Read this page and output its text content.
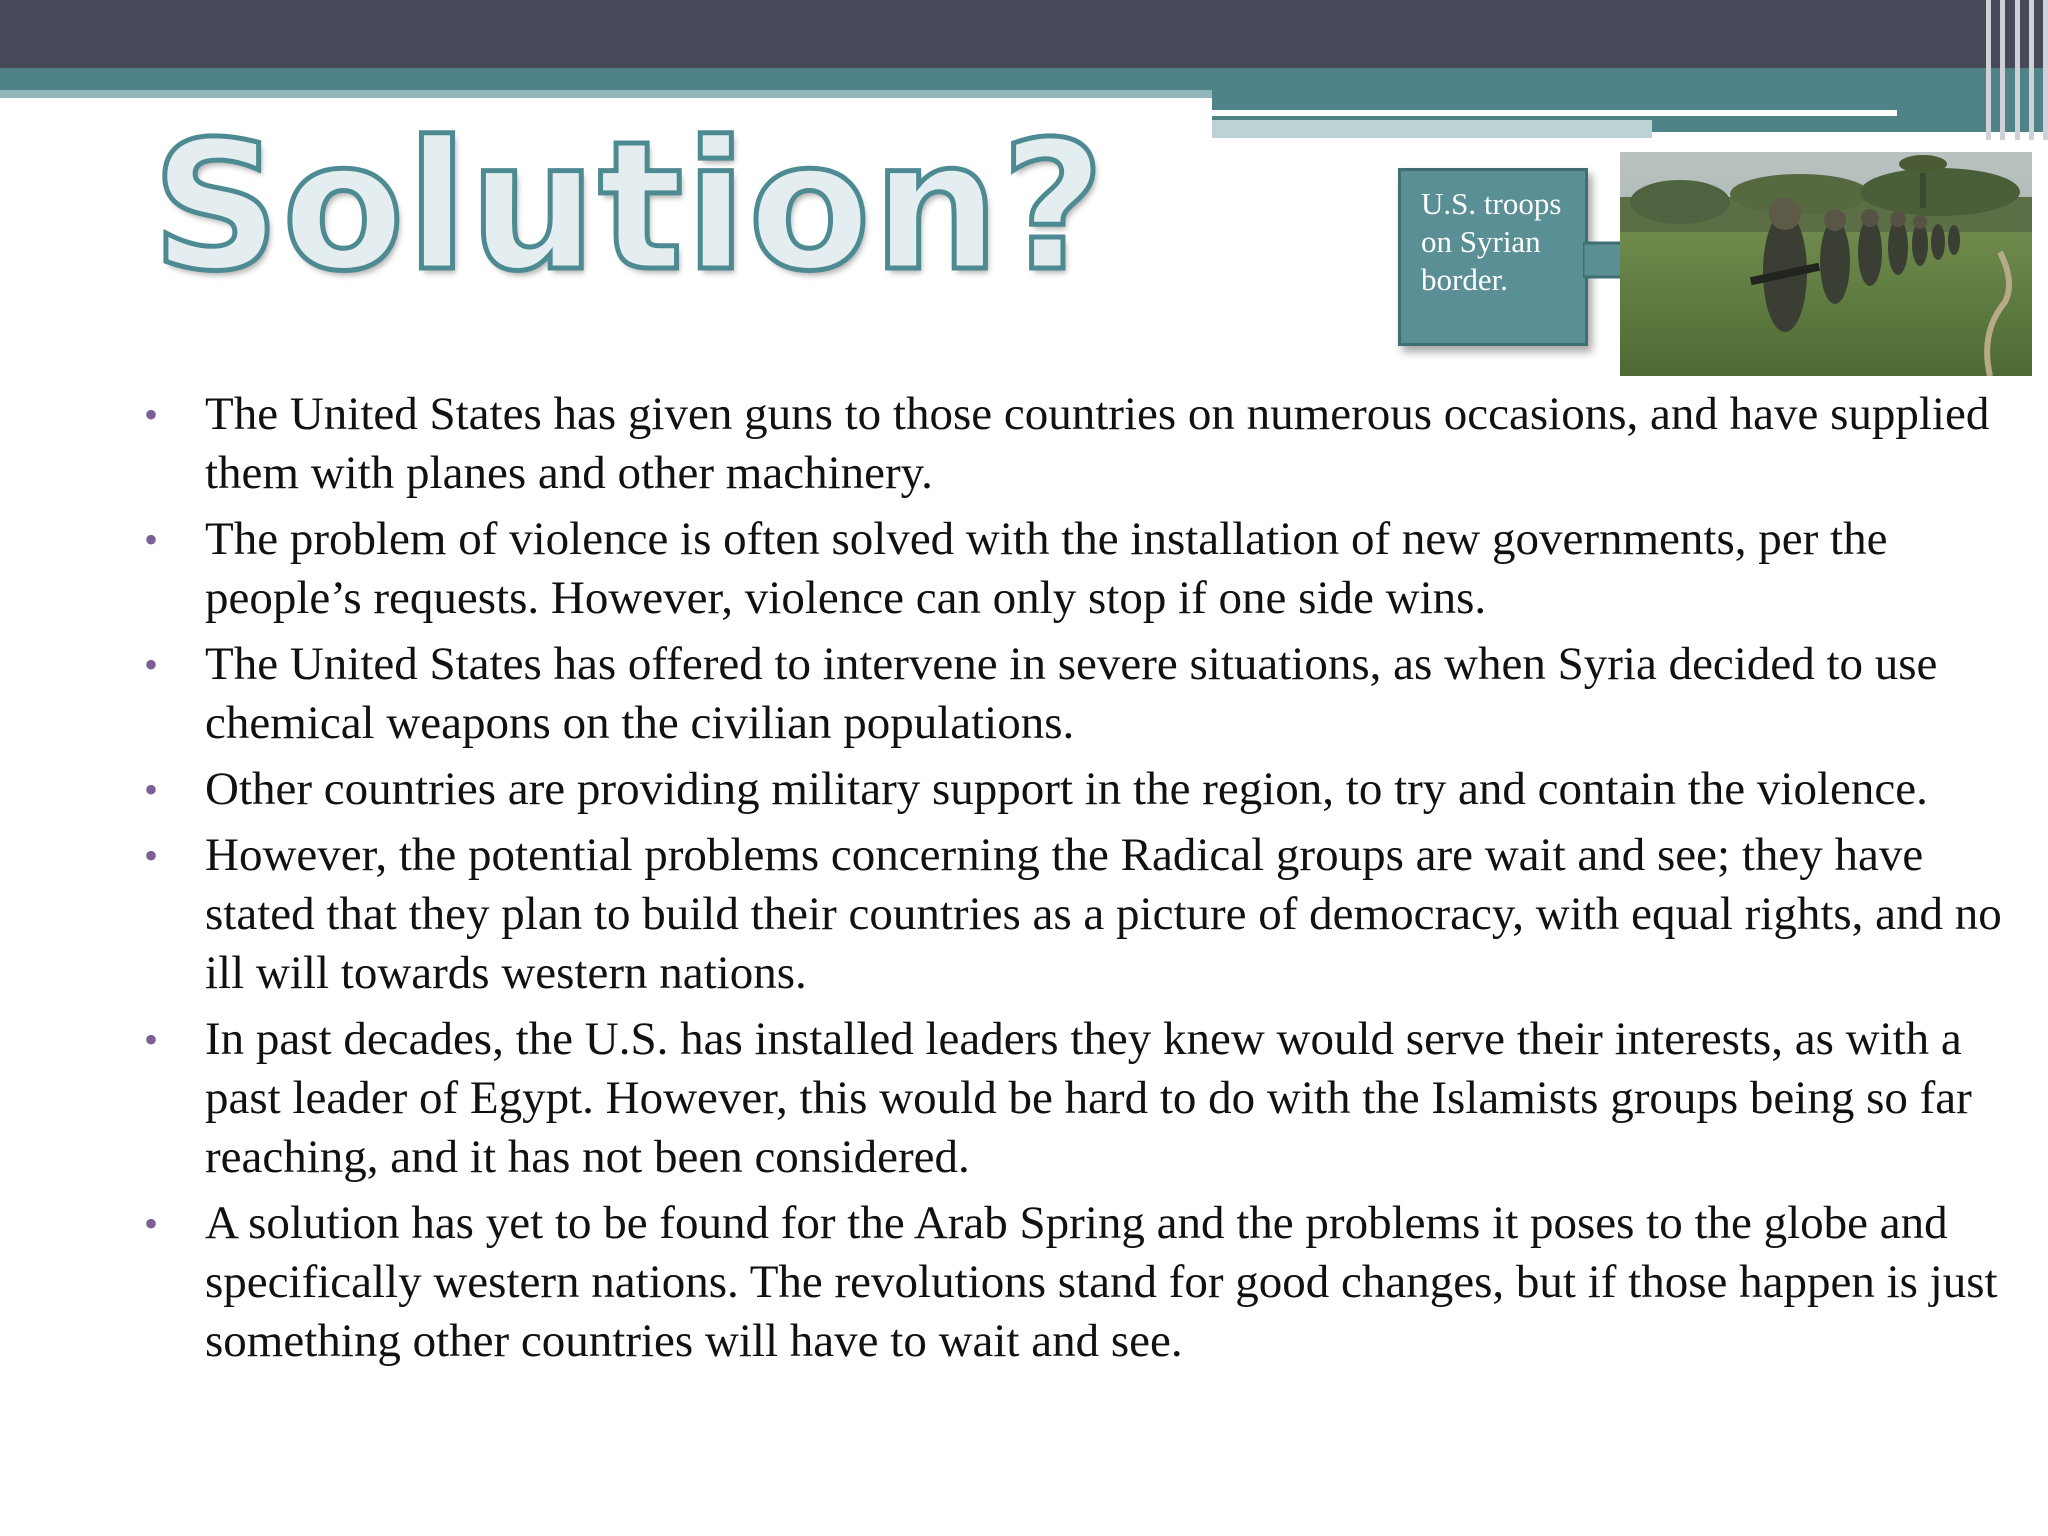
Solution?	U.S. troops on Syrian border.
• The United States has given guns to those countries on numerous occasions, and have supplied them with planes and other machinery.
• The problem of violence is often solved with the installation of new governments, per the people’s requests. However, violence can only stop if one side wins.
• The United States has offered to intervene in severe situations, as when Syria decided to use chemical weapons on the civilian populations.
• Other countries are providing military support in the region, to try and contain the violence.
• However, the potential problems concerning the Radical groups are wait and see; they have stated that they plan to build their countries as a picture of democracy, with equal rights, and no ill will towards western nations.
• In past decades, the U.S. has installed leaders they knew would serve their interests, as with a past leader of Egypt. However, this would be hard to do with the Islamists groups being so far reaching, and it has not been considered.
• A solution has yet to be found for the Arab Spring and the problems it poses to the globe and specifically western nations. The revolutions stand for good changes, but if those happen is just something other countries will have to wait and see.
